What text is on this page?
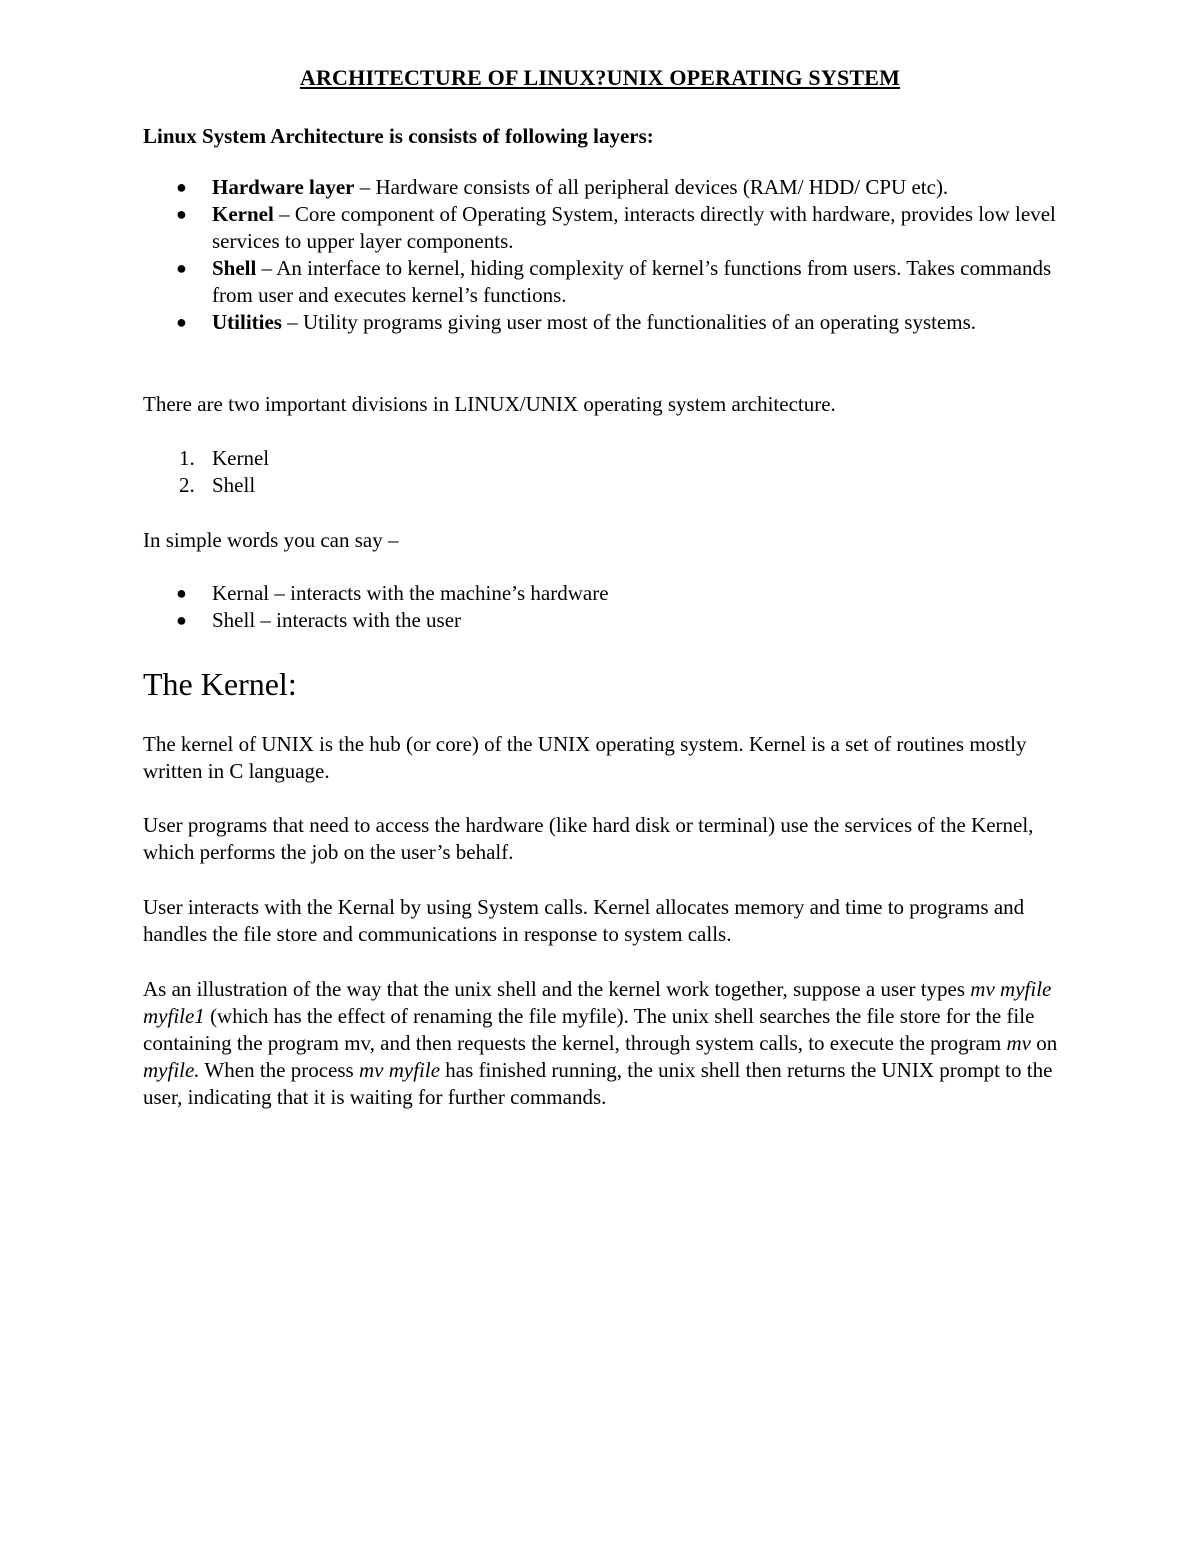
ARCHITECTURE OF LINUX?UNIX OPERATING SYSTEM
Linux System Architecture is consists of following layers:
● Hardware layer – Hardware consists of all peripheral devices (RAM/ HDD/ CPU etc).
● Kernel – Core component of Operating System, interacts directly with hardware, provides low level services to upper layer components.
● Shell – An interface to kernel, hiding complexity of kernel’s functions from users. Takes commands from user and executes kernel’s functions.
● Utilities – Utility programs giving user most of the functionalities of an operating systems.
There are two important divisions in LINUX/UNIX operating system architecture.
1. Kernel
2. Shell
In simple words you can say –
● Kernal – interacts with the machine’s hardware
● Shell – interacts with the user
The Kernel:
The kernel of UNIX is the hub (or core) of the UNIX operating system. Kernel is a set of routines mostly written in C language.
User programs that need to access the hardware (like hard disk or terminal) use the services of the Kernel, which performs the job on the user’s behalf.
User interacts with the Kernal by using System calls. Kernel allocates memory and time to programs and handles the file store and communications in response to system calls.
As an illustration of the way that the unix shell and the kernel work together, suppose a user types mv myfile myfile1 (which has the effect of renaming the file myfile). The unix shell searches the file store for the file containing the program mv, and then requests the kernel, through system calls, to execute the program mv on myfile. When the process mv myfile has finished running, the unix shell then returns the UNIX prompt to the user, indicating that it is waiting for further commands.
